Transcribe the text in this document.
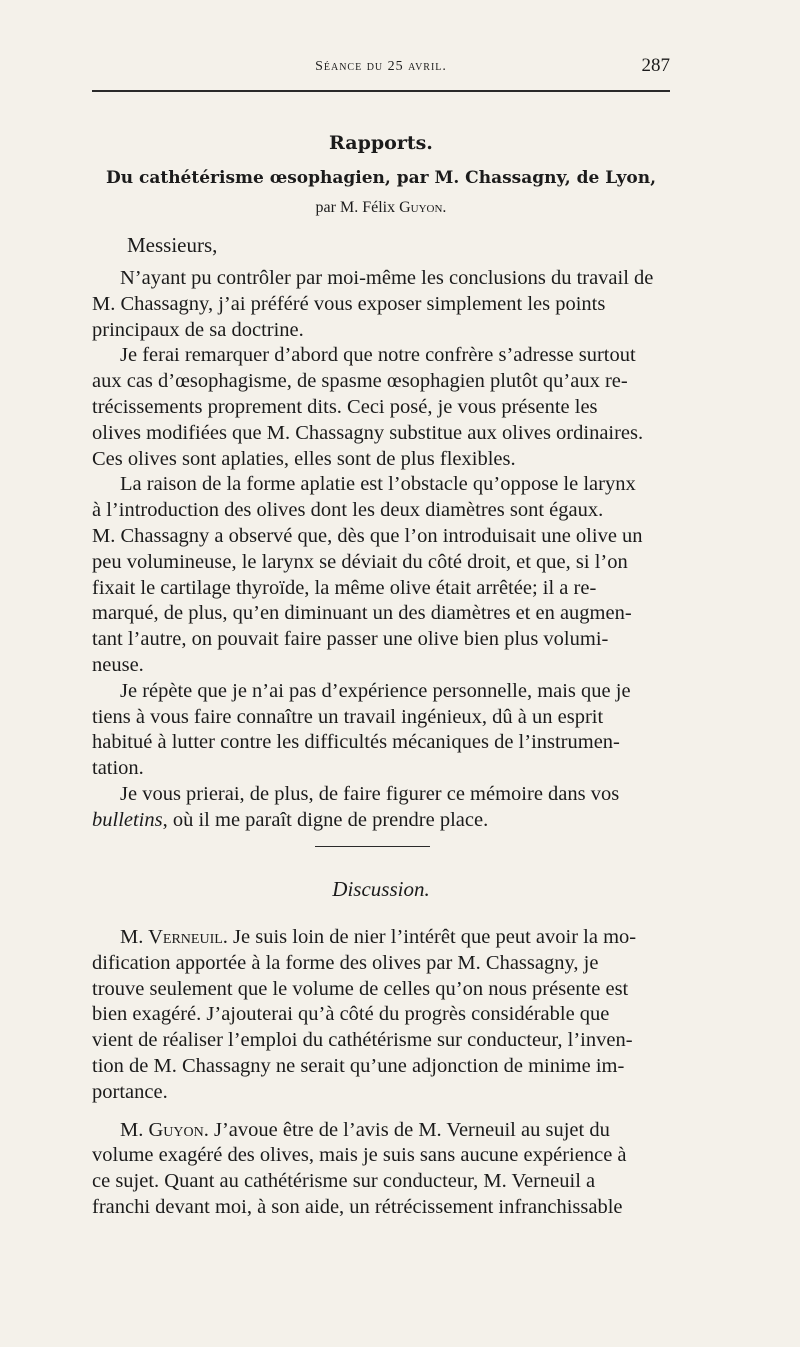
Séance du 25 avril.	287
Rapports.
Du cathétérisme œsophagien, par M. Chassagny, de Lyon,
par M. Félix Guyon.
Messieurs,

N’ayant pu contrôler par moi-même les conclusions du travail de
M. Chassagny, j’ai préféré vous exposer simplement les points
principaux de sa doctrine.

Je ferai remarquer d’abord que notre confrère s’adresse surtout
aux cas d’œsophagisme, de spasme œsophagien plutôt qu’aux re-
trécissements proprement dits. Ceci posé, je vous présente les
olives modifiées que M. Chassagny substitue aux olives ordinaires.
Ces olives sont aplaties, elles sont de plus flexibles.

La raison de la forme aplatie est l’obstacle qu’oppose le larynx
à l’introduction des olives dont les deux diamètres sont égaux.
M. Chassagny a observé que, dès que l’on introduisait une olive un
peu volumineuse, le larynx se déviait du côté droit, et que, si l’on
fixait le cartilage thyroïde, la même olive était arrêtée; il a re-
marqué, de plus, qu’en diminuant un des diamètres et en augmen-
tant l’autre, on pouvait faire passer une olive bien plus volumi-
neuse.

Je répète que je n’ai pas d’expérience personnelle, mais que je
tiens à vous faire connaître un travail ingénieux, dû à un esprit
habitué à lutter contre les difficultés mécaniques de l’instrumen-
tation.

Je vous prierai, de plus, de faire figurer ce mémoire dans vos
bulletins, où il me paraît digne de prendre place.

Discussion.

M. Verneuil. Je suis loin de nier l’intérêt que peut avoir la mo-
dification apportée à la forme des olives par M. Chassagny, je
trouve seulement que le volume de celles qu’on nous présente est
bien exagéré. J’ajouterai qu’à côté du progrès considérable que
vient de réaliser l’emploi du cathétérisme sur conducteur, l’inven-
tion de M. Chassagny ne serait qu’une adjonction de minime im-
portance.

M. Guyon. J’avoue être de l’avis de M. Verneuil au sujet du
volume exagéré des olives, mais je suis sans aucune expérience à
ce sujet. Quant au cathétérisme sur conducteur, M. Verneuil a
franchi devant moi, à son aide, un rétrécissement infranchissable
